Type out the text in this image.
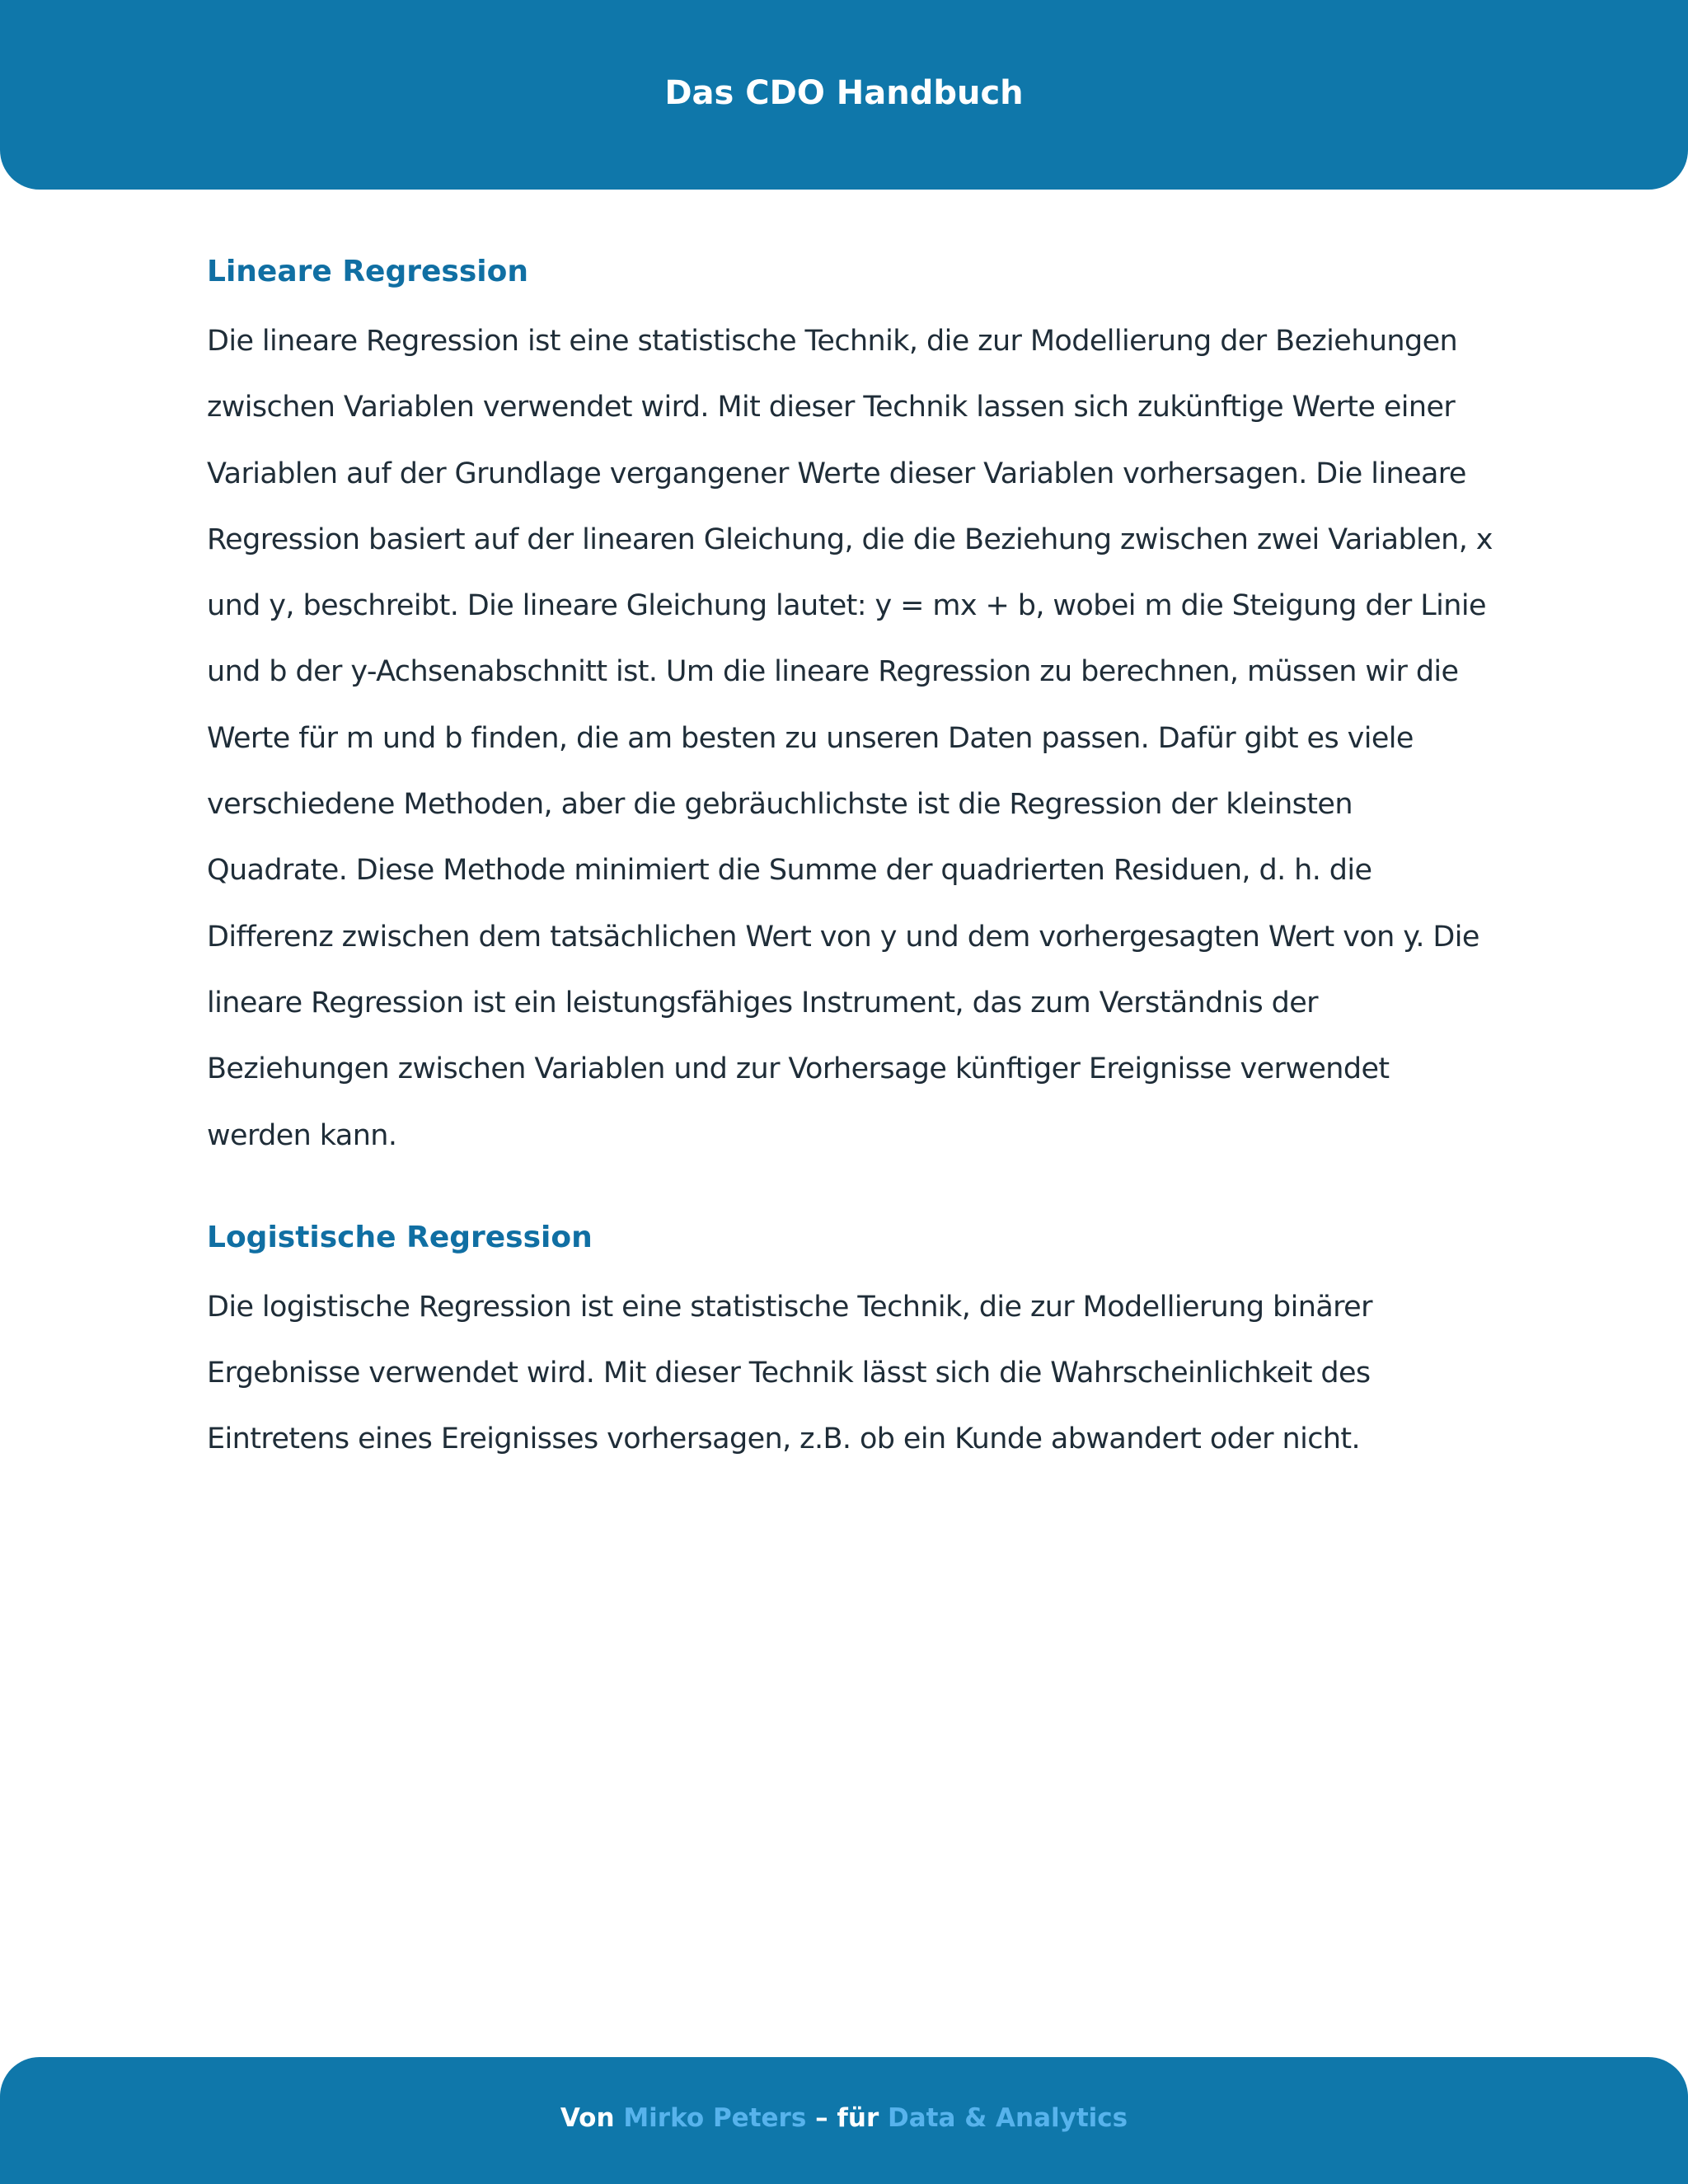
Das CDO Handbuch
Lineare Regression

Die lineare Regression ist eine statistische Technik, die zur Modellierung der Beziehungen zwischen Variablen verwendet wird. Mit dieser Technik lassen sich zukünftige Werte einer Variablen auf der Grundlage vergangener Werte dieser Variablen vorhersagen. Die lineare Regression basiert auf der linearen Gleichung, die die Beziehung zwischen zwei Variablen, x und y, beschreibt. Die lineare Gleichung lautet: y = mx + b, wobei m die Steigung der Linie und b der y-Achsenabschnitt ist. Um die lineare Regression zu berechnen, müssen wir die Werte für m und b finden, die am besten zu unseren Daten passen. Dafür gibt es viele verschiedene Methoden, aber die gebräuchlichste ist die Regression der kleinsten Quadrate. Diese Methode minimiert die Summe der quadrierten Residuen, d. h. die Differenz zwischen dem tatsächlichen Wert von y und dem vorhergesagten Wert von y. Die lineare Regression ist ein leistungsfähiges Instrument, das zum Verständnis der Beziehungen zwischen Variablen und zur Vorhersage künftiger Ereignisse verwendet werden kann.

Logistische Regression

Die logistische Regression ist eine statistische Technik, die zur Modellierung binärer Ergebnisse verwendet wird. Mit dieser Technik lässt sich die Wahrscheinlichkeit des Eintretens eines Ereignisses vorhersagen, z.B. ob ein Kunde abwandert oder nicht.

Von Mirko Peters – für Data & Analytics
